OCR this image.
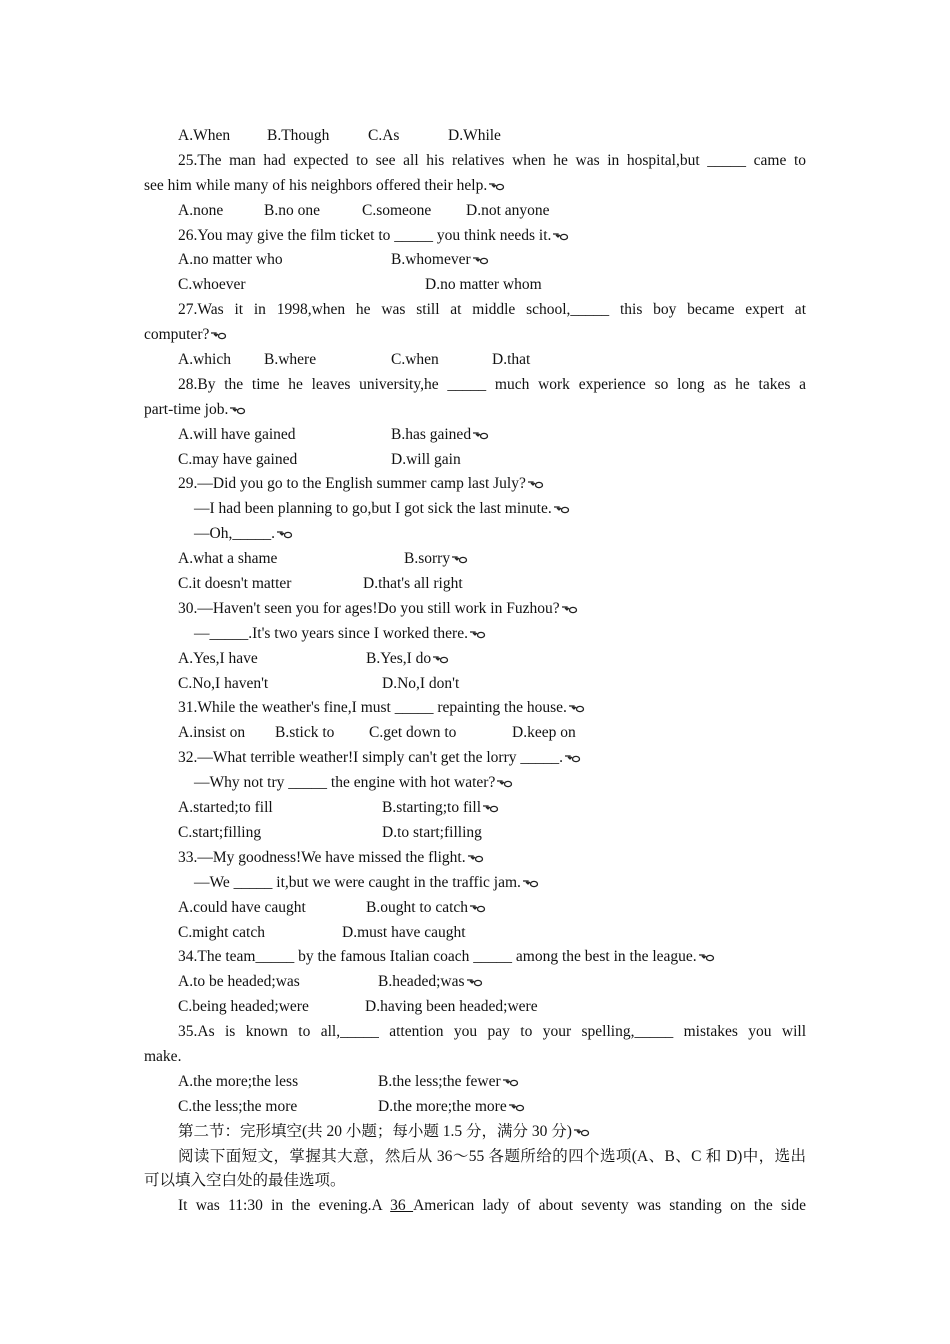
A.When B.Though C.As	D.While
25.The man had expected to see all his relatives when he was in hospital,but _____ came to
see him while many of his neighbors offered their help.
A.none	B.no one	C.someone D.not anyone
26.You may give the film ticket to _____ you think needs it.
A.no matter who	B.whomever
C.whoever	D.no matter whom
27.Was it in 1998,when he was still at middle school,_____ this boy became expert at
computer?
A.which B.where	C.when	D.that
28.By the time he leaves university,he _____ much work experience so long as he takes a
part-time job.
A.will have gained	B.has gained
C.may have gained	D.will gain
29.—Did you go to the English summer camp last July?
—I had been planning to go,but I got sick the last minute.
—Oh,_____.
A.what a shame	B.sorry
C.it doesn't matter	D.that's all right
30.—Haven't seen you for ages!Do you still work in Fuzhou?
—_____.It's two years since I worked there.
A.Yes,I have	B.Yes,I do
C.No,I haven't	D.No,I don't
31.While the weather's fine,I must _____ repainting the house.
A.insist on B.stick to C.get down to	D.keep on
32.—What terrible weather!I simply can't get the lorry _____.
—Why not try _____ the engine with hot water?
A.started;to fill	B.starting;to fill
C.start;filling	D.to start;filling
33.—My goodness!We have missed the flight.
—We _____ it,but we were caught in the traffic jam.
A.could have caught	B.ought to catch
C.might catch	D.must have caught
34.The team_____ by the famous Italian coach _____ among the best in the league.
A.to be headed;was	B.headed;was
C.being headed;were	D.having been headed;were
35.As is known to all,_____ attention you pay to your spelling,_____ mistakes you will
make.
A.the more;the less	B.the less;the fewer
C.the less;the more	D.the more;the more
第二节：完形填空(共 20 小题；每小题 1.5 分，满分 30 分)
阅读下面短文，掌握其大意，然后从 36～55 各题所给的四个选项(A、B、C 和 D)中，选出
可以填入空白处的最佳选项。
It was 11:30 in the evening.A 36 American lady of about seventy was standing on the side
